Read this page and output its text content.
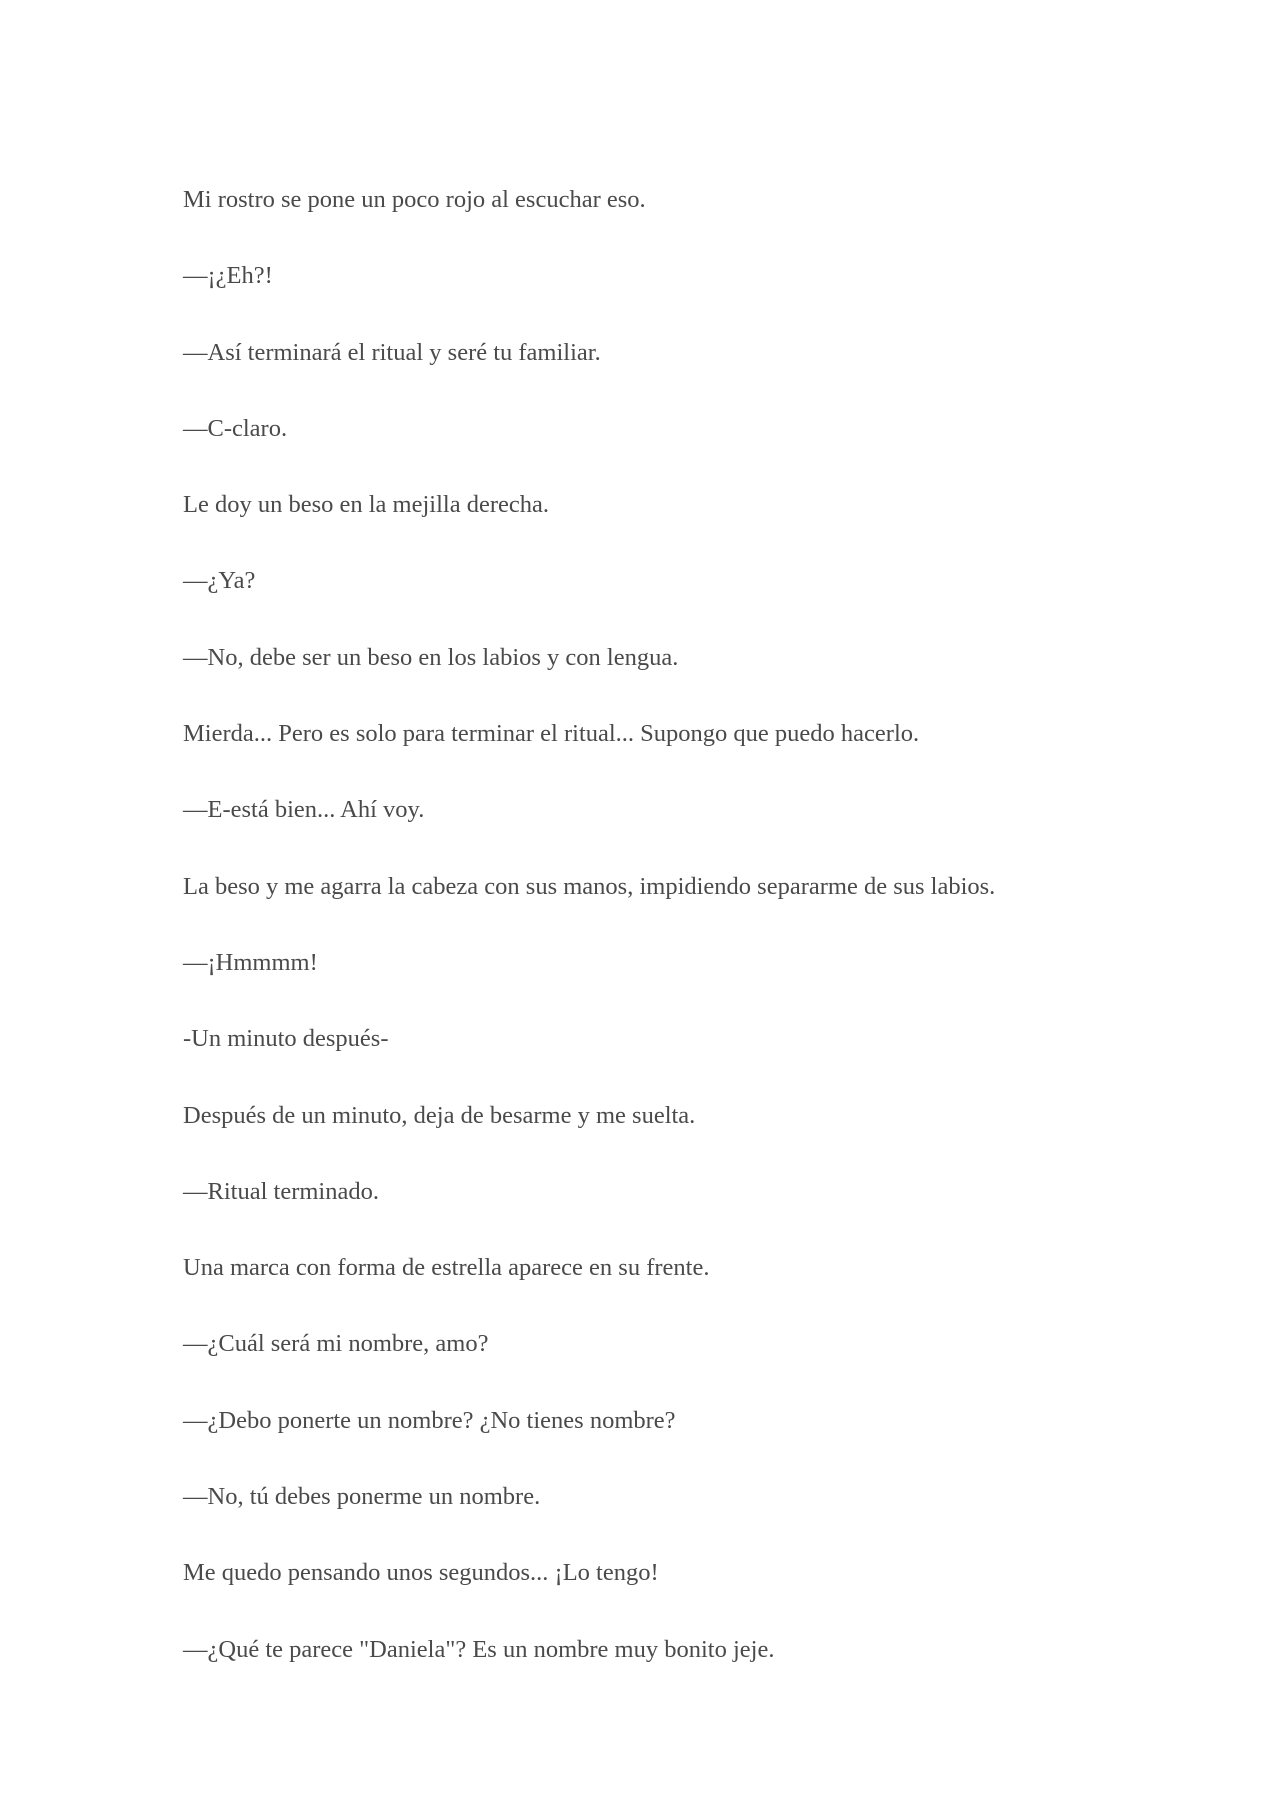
Mi rostro se pone un poco rojo al escuchar eso.

—¡¿Eh?!

—Así terminará el ritual y seré tu familiar.

—C-claro.

Le doy un beso en la mejilla derecha.

—¿Ya?

—No, debe ser un beso en los labios y con lengua.

Mierda... Pero es solo para terminar el ritual... Supongo que puedo hacerlo.

—E-está bien... Ahí voy.

La beso y me agarra la cabeza con sus manos, impidiendo separarme de sus labios.

—¡Hmmmm!

-Un minuto después-

Después de un minuto, deja de besarme y me suelta.

—Ritual terminado.

Una marca con forma de estrella aparece en su frente.

—¿Cuál será mi nombre, amo?

—¿Debo ponerte un nombre? ¿No tienes nombre?

—No, tú debes ponerme un nombre.

Me quedo pensando unos segundos... ¡Lo tengo!

—¿Qué te parece "Daniela"? Es un nombre muy bonito jeje.
